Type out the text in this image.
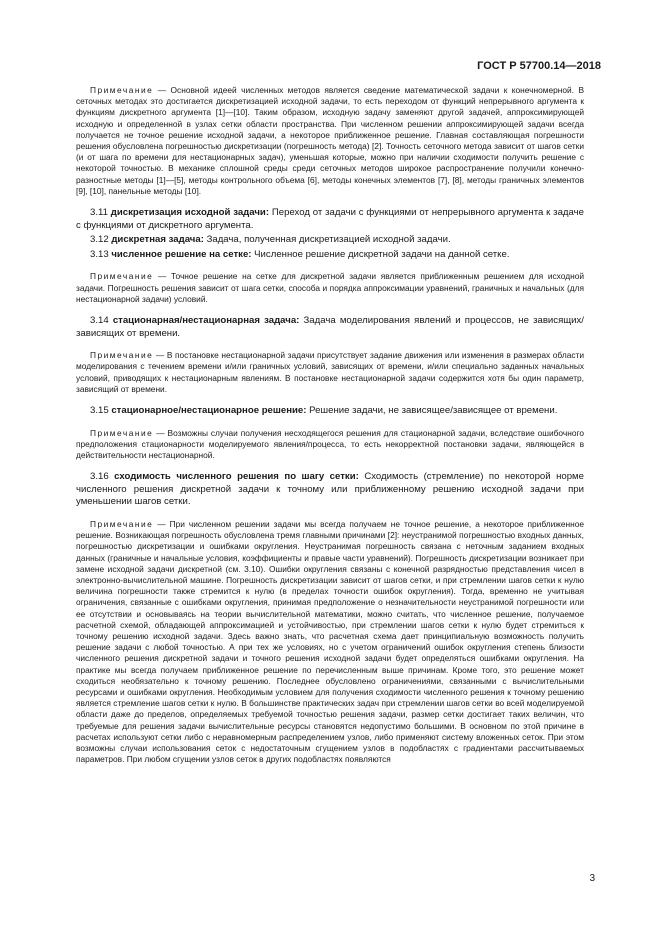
ГОСТ Р 57700.14—2018

Примечание — Основной идеей численных методов является сведение математической задачи к конечномерной. В сеточных методах это достигается дискретизацией исходной задачи, то есть переходом от функций непрерывного аргумента к функциям дискретного аргумента [1]—[10]. Таким образом, исходную задачу заменяют другой задачей, аппроксимирующей исходную и определенной в узлах сетки области пространства. При численном решении аппроксимирующей задачи всегда получается не точное решение исходной задачи, а некоторое приближенное решение. Главная составляющая погрешности решения обусловлена погрешностью дискретизации (погрешность метода) [2]. Точность сеточного метода зависит от шагов сетки (и от шага по времени для нестационарных задач), уменьшая которые, можно при наличии сходимости получить решение с некоторой точностью. В механике сплошной среды среди сеточных методов широкое распространение получили конечно-разностные методы [1]—[5], методы контрольного объема [6], методы конечных элементов [7], [8], методы граничных элементов [9], [10], панельные методы [10].

3.11 дискретизация исходной задачи: Переход от задачи с функциями от непрерывного аргумента к задаче с функциями от дискретного аргумента.

3.12 дискретная задача: Задача, полученная дискретизацией исходной задачи.

3.13 численное решение на сетке: Численное решение дискретной задачи на данной сетке.

Примечание — Точное решение на сетке для дискретной задачи является приближенным решением для исходной задачи. Погрешность решения зависит от шага сетки, способа и порядка аппроксимации уравнений, граничных и начальных (для нестационарной задачи) условий.

3.14 стационарная/нестационарная задача: Задача моделирования явлений и процессов, не зависящих/зависящих от времени.

Примечание — В постановке нестационарной задачи присутствует задание движения или изменения в размерах области моделирования с течением времени и/или граничных условий, зависящих от времени, и/или специально заданных начальных условий, приводящих к нестационарным явлениям. В постановке нестационарной задачи содержится хотя бы один параметр, зависящий от времени.

3.15 стационарное/нестационарное решение: Решение задачи, не зависящее/зависящее от времени.

Примечание — Возможны случаи получения несходящегося решения для стационарной задачи, вследствие ошибочного предположения стационарности моделируемого явления/процесса, то есть некорректной постановки задачи, являющейся в действительности нестационарной.

3.16 сходимость численного решения по шагу сетки: Сходимость (стремление) по некоторой норме численного решения дискретной задачи к точному или приближенному решению исходной задачи при уменьшении шагов сетки.

Примечание — При численном решении задачи мы всегда получаем не точное решение, а некоторое приближенное решение. Возникающая погрешность обусловлена тремя главными причинами [2]: неустранимой погрешностью входных данных, погрешностью дискретизации и ошибками округления. Неустранимая погрешность связана с неточным заданием входных данных (граничные и начальные условия, коэффициенты и правые части уравнений). Погрешность дискретизации возникает при замене исходной задачи дискретной (см. 3.10). Ошибки округления связаны с конечной разрядностью представления чисел в электронно-вычислительной машине. Погрешность дискретизации зависит от шагов сетки, и при стремлении шагов сетки к нулю величина погрешности также стремится к нулю (в пределах точности ошибок округления). Тогда, временно не учитывая ограничения, связанные с ошибками округления, принимая предположение о незначительности неустранимой погрешности или ее отсутствии и основываясь на теории вычислительной математики, можно считать, что численное решение, получаемое расчетной схемой, обладающей аппроксимацией и устойчивостью, при стремлении шагов сетки к нулю будет стремиться к точному решению исходной задачи. Здесь важно знать, что расчетная схема дает принципиальную возможность получить решение задачи с любой точностью. А при тех же условиях, но с учетом ограничений ошибок округления степень близости численного решения дискретной задачи и точного решения исходной задачи будет определяться ошибками округления. На практике мы всегда получаем приближенное решение по перечисленным выше причинам. Кроме того, это решение может сходиться необязательно к точному решению. Последнее обусловлено ограничениями, связанными с вычислительными ресурсами и ошибками округления. Необходимым условием для получения сходимости численного решения к точному решению является стремление шагов сетки к нулю. В большинстве практических задач при стремлении шагов сетки во всей моделируемой области даже до пределов, определяемых требуемой точностью решения задачи, размер сетки достигает таких величин, что требуемые для решения задачи вычислительные ресурсы становятся недопустимо большими. В основном по этой причине в расчетах используют сетки либо с неравномерным распределением узлов, либо применяют систему вложенных сеток. При этом возможны случаи использования сеток с недостаточным сгущением узлов в подобластях с градиентами рассчитываемых параметров. При любом сгущении узлов сеток в других подобластях появляются

3
